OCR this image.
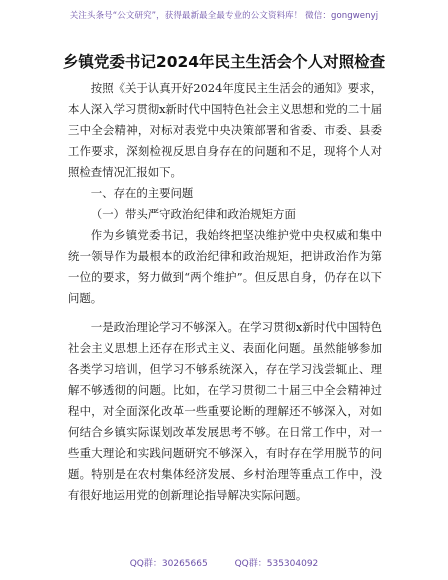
关注头条号“公文研究”，获得最新最全最专业的公文资料库！ 微信：gongwenyj
乡镇党委书记2024年民主生活会个人对照检查

按照《关于认真开好2024年度民主生活会的通知》要求，本人深入学习贯彻x新时代中国特色社会主义思想和党的二十届三中全会精神，对标对表党中央决策部署和省委、市委、县委工作要求，深刻检视反思自身存在的问题和不足，现将个人对照检查情况汇报如下。

一、存在的主要问题

（一）带头严守政治纪律和政治规矩方面

作为乡镇党委书记，我始终把坚决维护党中央权威和集中统一领导作为最根本的政治纪律和政治规矩，把讲政治作为第一位的要求，努力做到“两个维护”。但反思自身，仍存在以下问题。

一是政治理论学习不够深入。在学习贯彻x新时代中国特色社会主义思想上还存在形式主义、表面化问题。虽然能够参加各类学习培训，但学习不够系统深入，存在学习浅尝辄止、理解不够透彻的问题。比如，在学习贯彻二十届三中全会精神过程中，对全面深化改革一些重要论断的理解还不够深入，对如何结合乡镇实际谋划改革发展思考不够。在日常工作中，对一些重大理论和实践问题研究不够深入，有时存在学用脱节的问题。特别是在农村集体经济发展、乡村治理等重点工作中，没有很好地运用党的创新理论指导解决实际问题。

QQ群：30265665	QQ群：535304092
